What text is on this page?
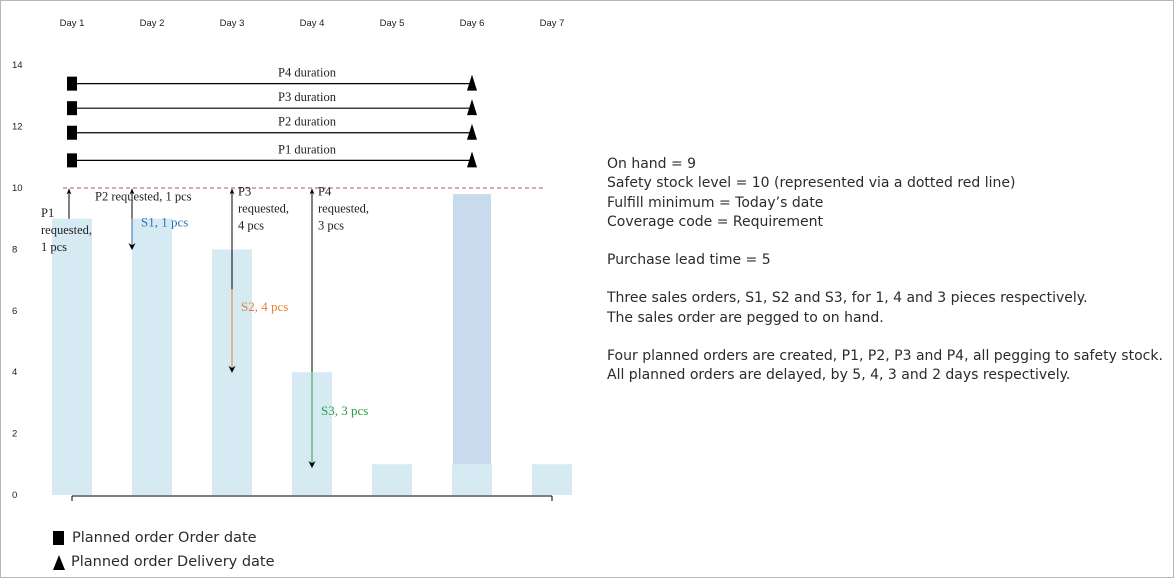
0
2
4
6
8
10
12
14
Day 1	Day 2	Day 3	Day 4	Day 5	Day 6	Day 7
P4 duration
P3 duration
P2 duration
P1 duration
P1
requested,
1 pcs
P2 requested, 1 pcs	P3
requested,
4 pcs
P4
requested,
3 pcs
S1, 1 pcs
S2, 4 pcs
S3, 3 pcs
On hand = 9
Safety stock level = 10 (represented via a dotted red line)
Fulfill minimum = Today’s date
Coverage code = Requirement
Purchase lead time = 5
Three sales orders, S1, S2 and S3, for 1, 4 and 3 pieces respectively.
The sales order are pegged to on hand.
Four planned orders are created, P1, P2, P3 and P4, all pegging to safety stock.
All planned orders are delayed, by 5, 4, 3 and 2 days respectively.
Planned order Order date
Planned order Delivery date
